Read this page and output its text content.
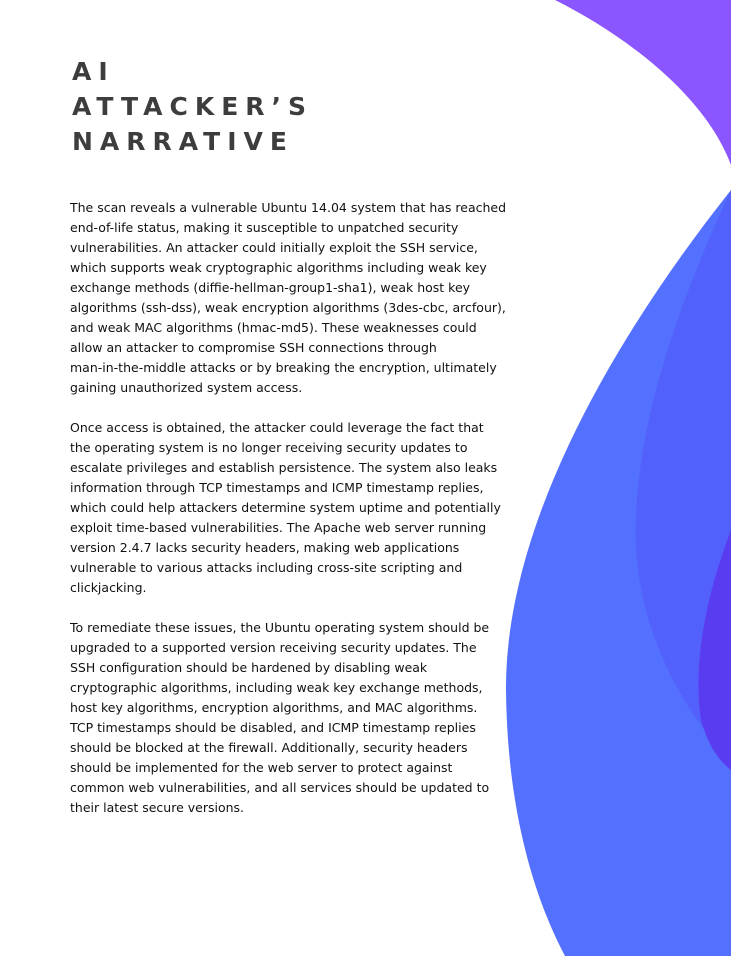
AI
ATTACKER’S
NARRATIVE

The scan reveals a vulnerable Ubuntu 14.04 system that has reached
end-of-life status, making it susceptible to unpatched security
vulnerabilities. An attacker could initially exploit the SSH service,
which supports weak cryptographic algorithms including weak key
exchange methods (diffie-hellman-group1-sha1), weak host key
algorithms (ssh-dss), weak encryption algorithms (3des-cbc, arcfour),
and weak MAC algorithms (hmac-md5). These weaknesses could
allow an attacker to compromise SSH connections through
man-in-the-middle attacks or by breaking the encryption, ultimately
gaining unauthorized system access.

Once access is obtained, the attacker could leverage the fact that
the operating system is no longer receiving security updates to
escalate privileges and establish persistence. The system also leaks
information through TCP timestamps and ICMP timestamp replies,
which could help attackers determine system uptime and potentially
exploit time-based vulnerabilities. The Apache web server running
version 2.4.7 lacks security headers, making web applications
vulnerable to various attacks including cross-site scripting and
clickjacking.

To remediate these issues, the Ubuntu operating system should be
upgraded to a supported version receiving security updates. The
SSH configuration should be hardened by disabling weak
cryptographic algorithms, including weak key exchange methods,
host key algorithms, encryption algorithms, and MAC algorithms.
TCP timestamps should be disabled, and ICMP timestamp replies
should be blocked at the firewall. Additionally, security headers
should be implemented for the web server to protect against
common web vulnerabilities, and all services should be updated to
their latest secure versions.
